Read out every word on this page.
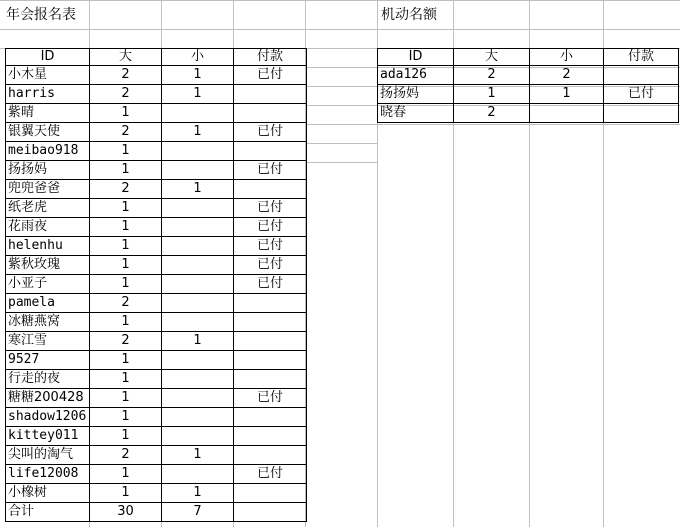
年会报名表	机动名额
ID	大	小	付款
小木星	2	1	已付
harris	2	1	
紫晴	1		
银翼天使	2	1	已付
meibao918	1		
扬扬妈	1		已付
兜兜爸爸	2	1	
纸老虎	1		已付
花雨夜	1		已付
helenhu	1		已付
紫秋玫瑰	1		已付
小亚子	1		已付
pamela	2		
冰糖燕窝	1		
寒江雪	2	1	
9527	1		
行走的夜	1		
糖糖200428	1		已付
shadow1206	1		
kittey011	1		
尖叫的淘气	2	1	
life12008	1		已付
小橡树	1	1	
合计	30	7	
ID	大	小	付款
ada126	2	2	
扬扬妈	1	1	已付
晓春	2		
